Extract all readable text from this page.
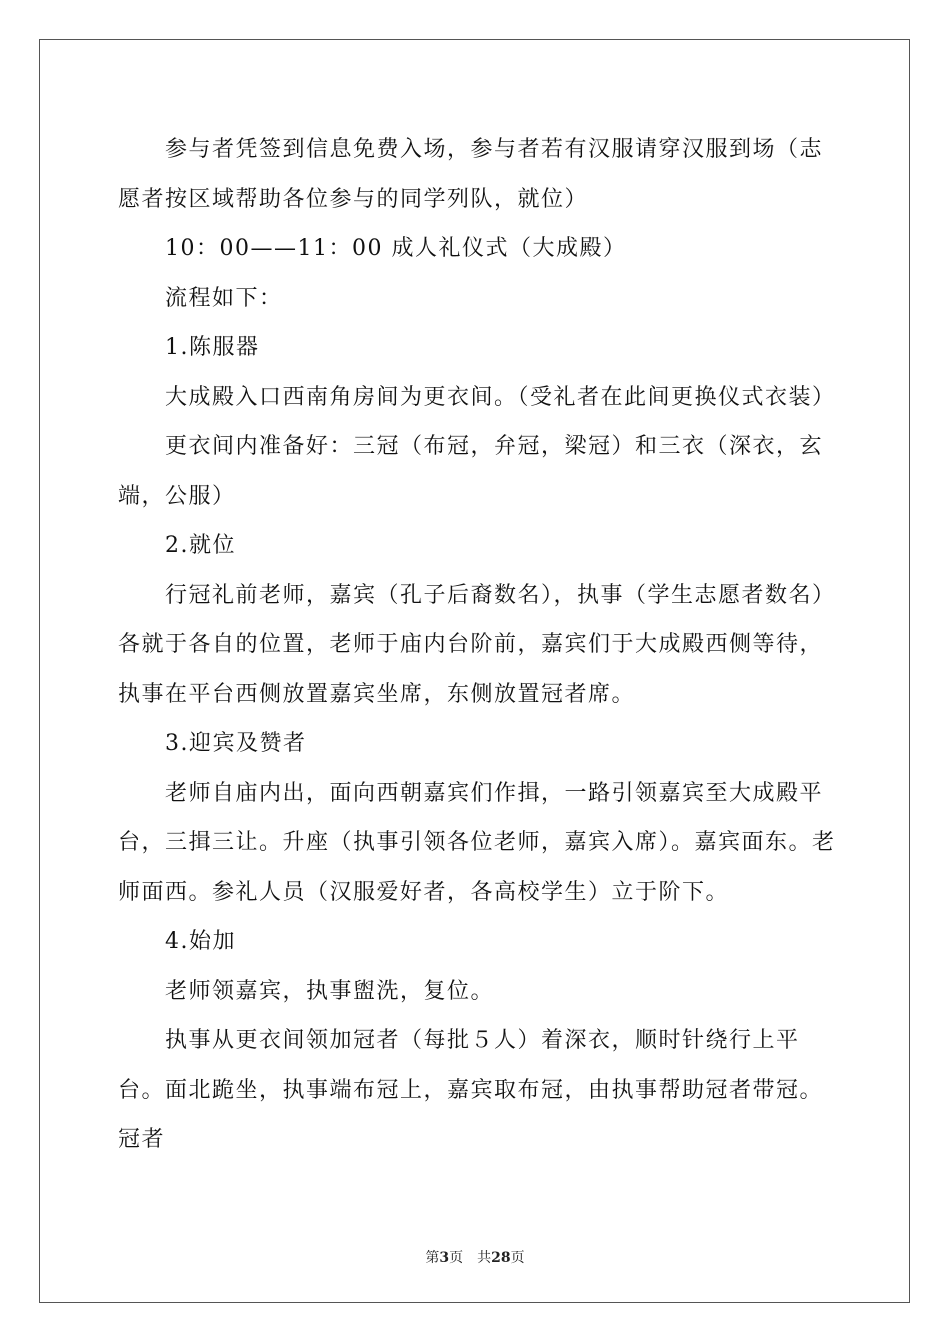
参与者凭签到信息免费入场，参与者若有汉服请穿汉服到场（志愿者按区域帮助各位参与的同学列队，就位）

10：00——11：00 成人礼仪式（大成殿）

流程如下：

1.陈服器

大成殿入口西南角房间为更衣间。（受礼者在此间更换仪式衣装）

更衣间内准备好：三冠（布冠，弁冠，梁冠）和三衣（深衣，玄端，公服）

2.就位

行冠礼前老师，嘉宾（孔子后裔数名），执事（学生志愿者数名）各就于各自的位置，老师于庙内台阶前，嘉宾们于大成殿西侧等待，执事在平台西侧放置嘉宾坐席，东侧放置冠者席。

3.迎宾及赞者

老师自庙内出，面向西朝嘉宾们作揖，一路引领嘉宾至大成殿平台，三揖三让。升座（执事引领各位老师，嘉宾入席）。嘉宾面东。老师面西。参礼人员（汉服爱好者，各高校学生）立于阶下。

4.始加

老师领嘉宾，执事盥洗，复位。

执事从更衣间领加冠者（每批５人）着深衣，顺时针绕行上平台。面北跪坐，执事端布冠上，嘉宾取布冠，由执事帮助冠者带冠。冠者

第3页 共28页
